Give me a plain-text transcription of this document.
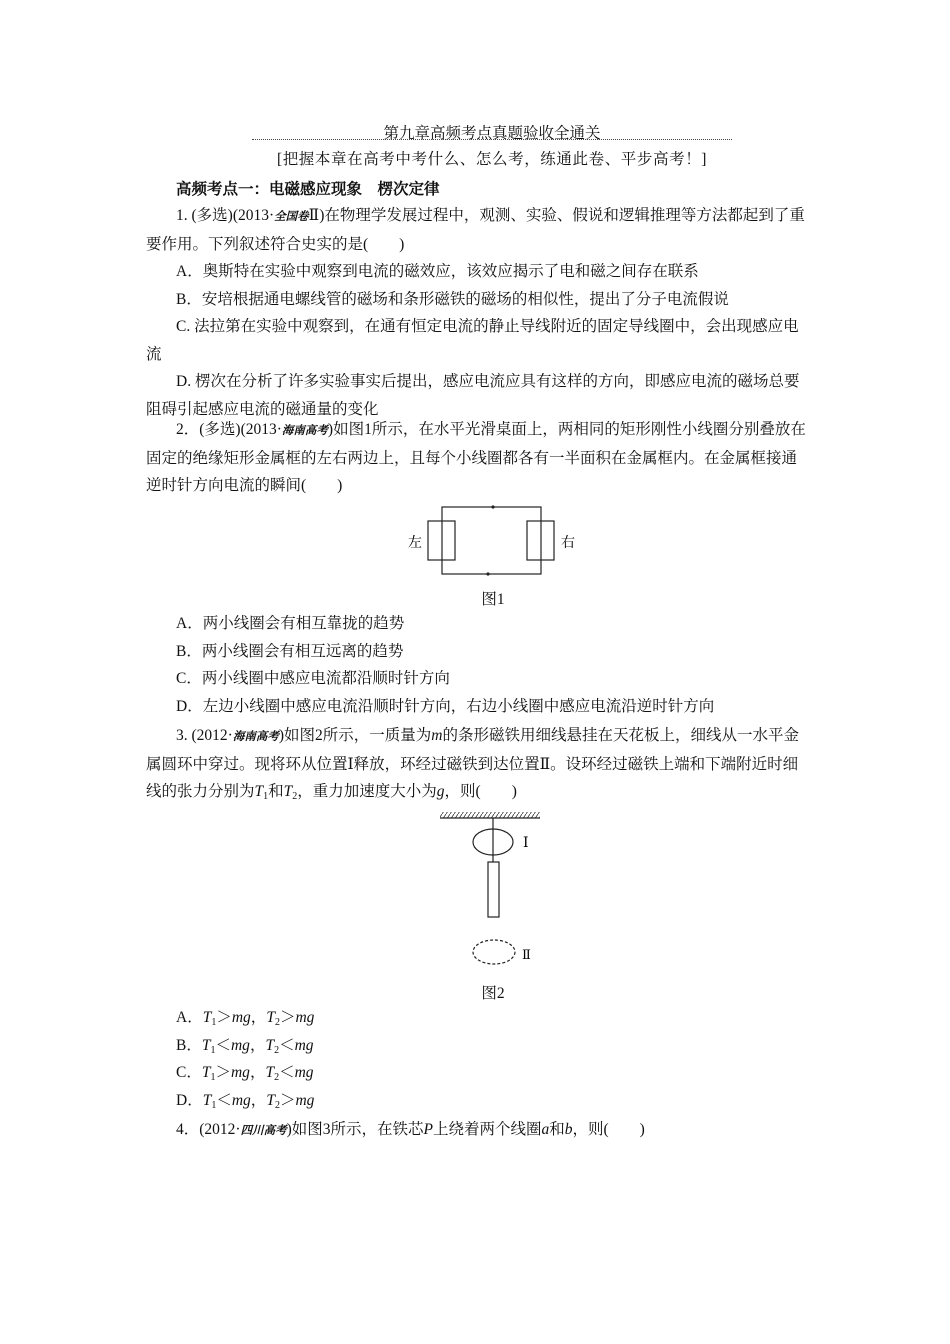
第九章高频考点真题验收全通关
[把握本章在高考中考什么、怎么考，练通此卷、平步高考！]
高频考点一：电磁感应现象　楞次定律

1. (多选)(2013·全国卷Ⅱ)在物理学发展过程中，观测、实验、假说和逻辑推理等方法都起到了重要作用。下列叙述符合史实的是(　　)

A．奥斯特在实验中观察到电流的磁效应，该效应揭示了电和磁之间存在联系

B．安培根据通电螺线管的磁场和条形磁铁的磁场的相似性，提出了分子电流假说

C. 法拉第在实验中观察到，在通有恒定电流的静止导线附近的固定导线圈中，会出现感应电流

D. 楞次在分析了许多实验事实后提出，感应电流应具有这样的方向，即感应电流的磁场总要阻碍引起感应电流的磁通量的变化

2．(多选)(2013·海南高考)如图1所示，在水平光滑桌面上，两相同的矩形刚性小线圈分别叠放在固定的绝缘矩形金属框的左右两边上，且每个小线圈都各有一半面积在金属框内。在金属框接通逆时针方向电流的瞬间(　　)

左	右
图1

A．两小线圈会有相互靠拢的趋势

B．两小线圈会有相互远离的趋势

C．两小线圈中感应电流都沿顺时针方向

D．左边小线圈中感应电流沿顺时针方向，右边小线圈中感应电流沿逆时针方向

3. (2012·海南高考)如图2所示，一质量为m的条形磁铁用细线悬挂在天花板上，细线从一水平金属圆环中穿过。现将环从位置Ⅰ释放，环经过磁铁到达位置Ⅱ。设环经过磁铁上端和下端附近时细线的张力分别为$T_1$和$T_2$，重力加速度大小为g，则(　　)

Ⅰ
Ⅱ
图2

A．$T_1>mg$，$T_2>mg$

B．$T_1<mg$，$T_2<mg$

C．$T_1>mg$，$T_2<mg$

D．$T_1<mg$，$T_2>mg$

4．(2012·四川高考)如图3所示，在铁芯P上绕着两个线圈a和b，则(　　)
